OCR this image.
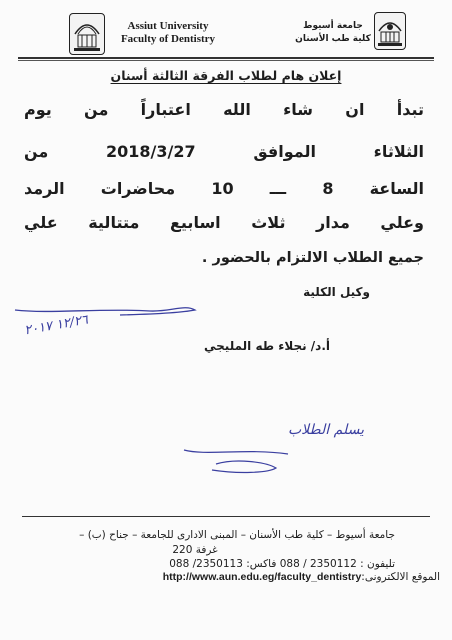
Assiut University
Faculty of Dentistry
جامعة أسيوط
كلية طب الأسنان
إعلان هام لطلاب الفرقة الثالثة أسنان
تبدأ ان شاء الله اعتباراً من يوم
الثلاثاء الموافق 2018/3/27 من
الساعة 8 ـــ 10 محاضرات الرمد
وعلي مدار ثلاث اسابيع متتالية علي
جميع الطلاب الالتزام بالحضور .
وكيل الكلية
١٢/٢٦ ٢٠١٧
أ.د/ نجلاء طه المليجي
يسلم الطلاب
جامعة أسيوط – كلية طب الأسنان – المبنى الادارى للجامعة – جناح (ب) –
غرفة 220
تليفون : 2350112 / 088 فاكس: 2350113/ 088
http://www.aun.edu.eg/faculty_dentistryالموقع الالكترونى:
